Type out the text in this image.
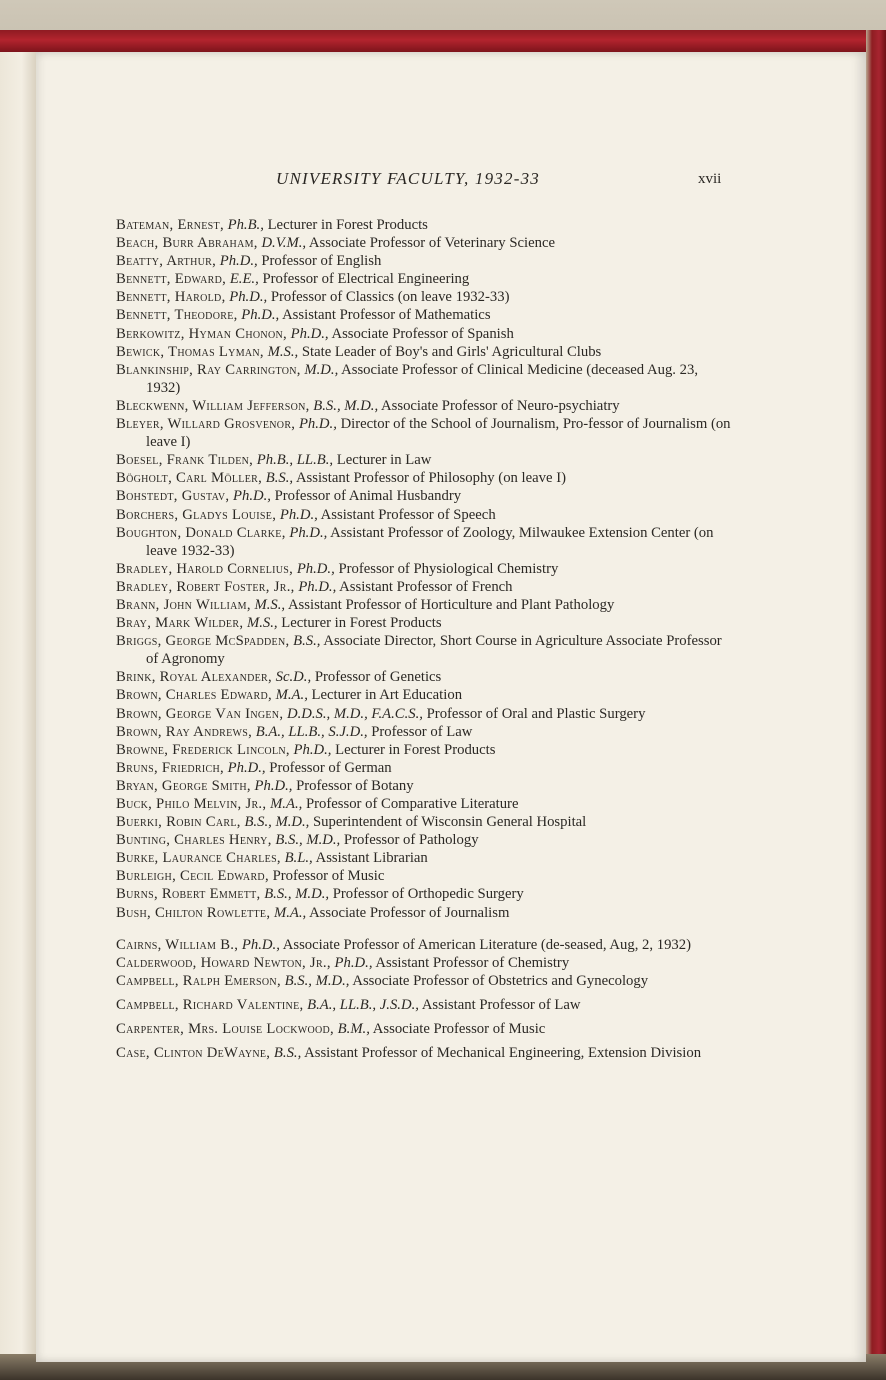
UNIVERSITY FACULTY, 1932-33	xvii
Bateman, Ernest, Ph.B., Lecturer in Forest Products
Beach, Burr Abraham, D.V.M., Associate Professor of Veterinary Science
Beatty, Arthur, Ph.D., Professor of English
Bennett, Edward, E.E., Professor of Electrical Engineering
Bennett, Harold, Ph.D., Professor of Classics (on leave 1932-33)
Bennett, Theodore, Ph.D., Assistant Professor of Mathematics
Berkowitz, Hyman Chonon, Ph.D., Associate Professor of Spanish
Bewick, Thomas Lyman, M.S., State Leader of Boy's and Girls' Agricultural Clubs
Blankinship, Ray Carrington, M.D., Associate Professor of Clinical Medicine (deceased Aug. 23, 1932)
Bleckwenn, William Jefferson, B.S., M.D., Associate Professor of Neuro-psychiatry
Bleyer, Willard Grosvenor, Ph.D., Director of the School of Journalism, Pro-fessor of Journalism (on leave I)
Boesel, Frank Tilden, Ph.B., LL.B., Lecturer in Law
Bögholt, Carl Möller, B.S., Assistant Professor of Philosophy (on leave I)
Bohstedt, Gustav, Ph.D., Professor of Animal Husbandry
Borchers, Gladys Louise, Ph.D., Assistant Professor of Speech
Boughton, Donald Clarke, Ph.D., Assistant Professor of Zoology, Milwaukee Extension Center (on leave 1932-33)
Bradley, Harold Cornelius, Ph.D., Professor of Physiological Chemistry
Bradley, Robert Foster, Jr., Ph.D., Assistant Professor of French
Brann, John William, M.S., Assistant Professor of Horticulture and Plant Pathology
Bray, Mark Wilder, M.S., Lecturer in Forest Products
Briggs, George McSpadden, B.S., Associate Director, Short Course in Agriculture Associate Professor of Agronomy
Brink, Royal Alexander, Sc.D., Professor of Genetics
Brown, Charles Edward, M.A., Lecturer in Art Education
Brown, George Van Ingen, D.D.S., M.D., F.A.C.S., Professor of Oral and Plastic Surgery
Brown, Ray Andrews, B.A., LL.B., S.J.D., Professor of Law
Browne, Frederick Lincoln, Ph.D., Lecturer in Forest Products
Bruns, Friedrich, Ph.D., Professor of German
Bryan, George Smith, Ph.D., Professor of Botany
Buck, Philo Melvin, Jr., M.A., Professor of Comparative Literature
Buerki, Robin Carl, B.S., M.D., Superintendent of Wisconsin General Hospital
Bunting, Charles Henry, B.S., M.D., Professor of Pathology
Burke, Laurance Charles, B.L., Assistant Librarian
Burleigh, Cecil Edward, Professor of Music
Burns, Robert Emmett, B.S., M.D., Professor of Orthopedic Surgery
Bush, Chilton Rowlette, M.A., Associate Professor of Journalism
Cairns, William B., Ph.D., Associate Professor of American Literature (de-seased, Aug, 2, 1932)
Calderwood, Howard Newton, Jr., Ph.D., Assistant Professor of Chemistry
Campbell, Ralph Emerson, B.S., M.D., Associate Professor of Obstetrics and Gynecology
Campbell, Richard Valentine, B.A., LL.B., J.S.D., Assistant Professor of Law
Carpenter, Mrs. Louise Lockwood, B.M., Associate Professor of Music
Case, Clinton DeWayne, B.S., Assistant Professor of Mechanical Engineering, Extension Division
